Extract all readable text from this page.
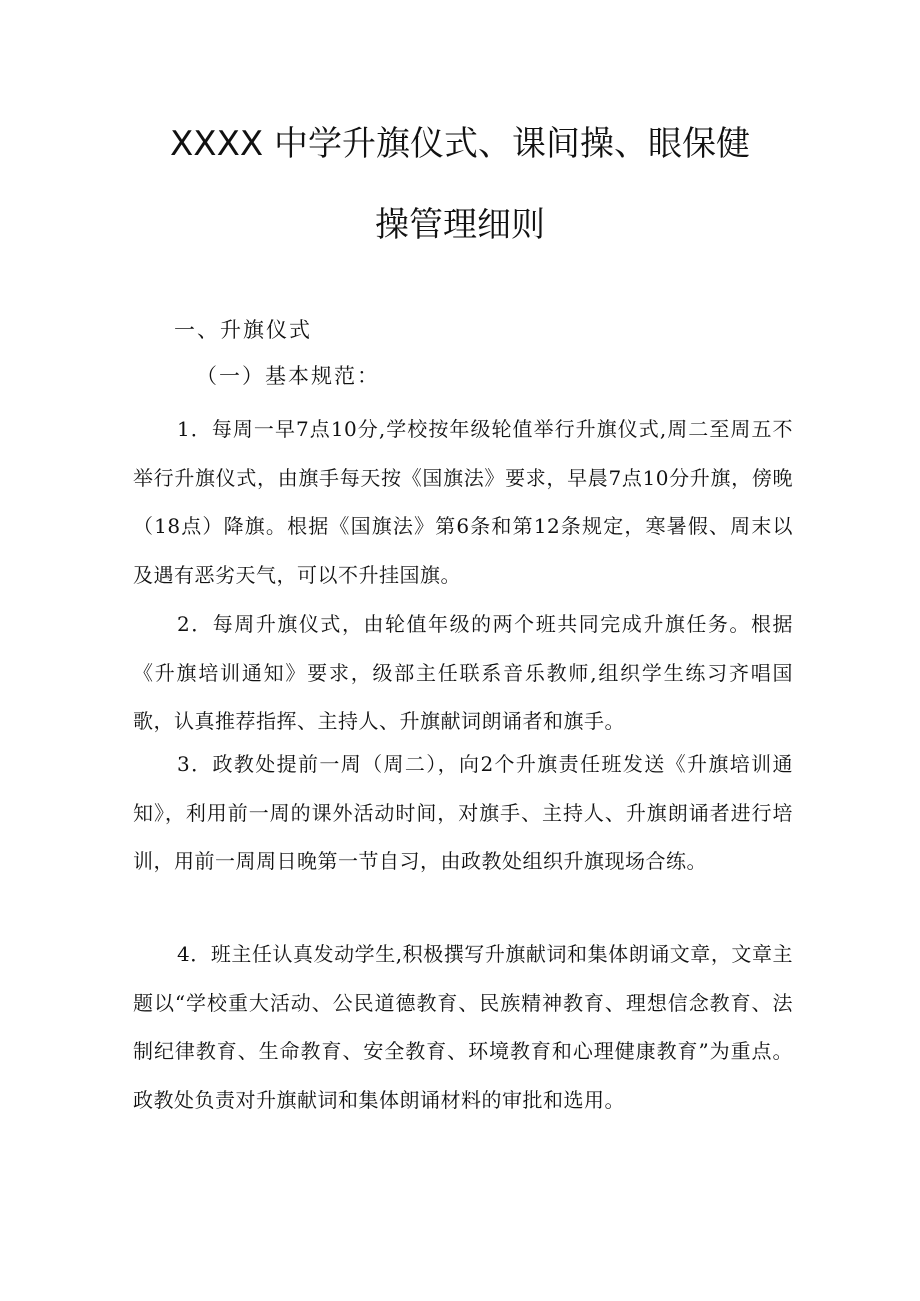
XXXX 中学升旗仪式、课间操、眼保健
操管理细则
一、升旗仪式
（一）基本规范：
1．每周一早7点10分,学校按年级轮值举行升旗仪式,周二至周五不举行升旗仪式，由旗手每天按《国旗法》要求，早晨7点10分升旗，傍晚（18点）降旗。根据《国旗法》第6条和第12条规定，寒暑假、周末以及遇有恶劣天气，可以不升挂国旗。
2．每周升旗仪式，由轮值年级的两个班共同完成升旗任务。根据《升旗培训通知》要求，级部主任联系音乐教师,组织学生练习齐唱国歌，认真推荐指挥、主持人、升旗献词朗诵者和旗手。
3．政教处提前一周（周二），向2个升旗责任班发送《升旗培训通知》，利用前一周的课外活动时间，对旗手、主持人、升旗朗诵者进行培训，用前一周周日晚第一节自习，由政教处组织升旗现场合练。
4．班主任认真发动学生,积极撰写升旗献词和集体朗诵文章，文章主题以“学校重大活动、公民道德教育、民族精神教育、理想信念教育、法制纪律教育、生命教育、安全教育、环境教育和心理健康教育”为重点。政教处负责对升旗献词和集体朗诵材料的审批和选用。
